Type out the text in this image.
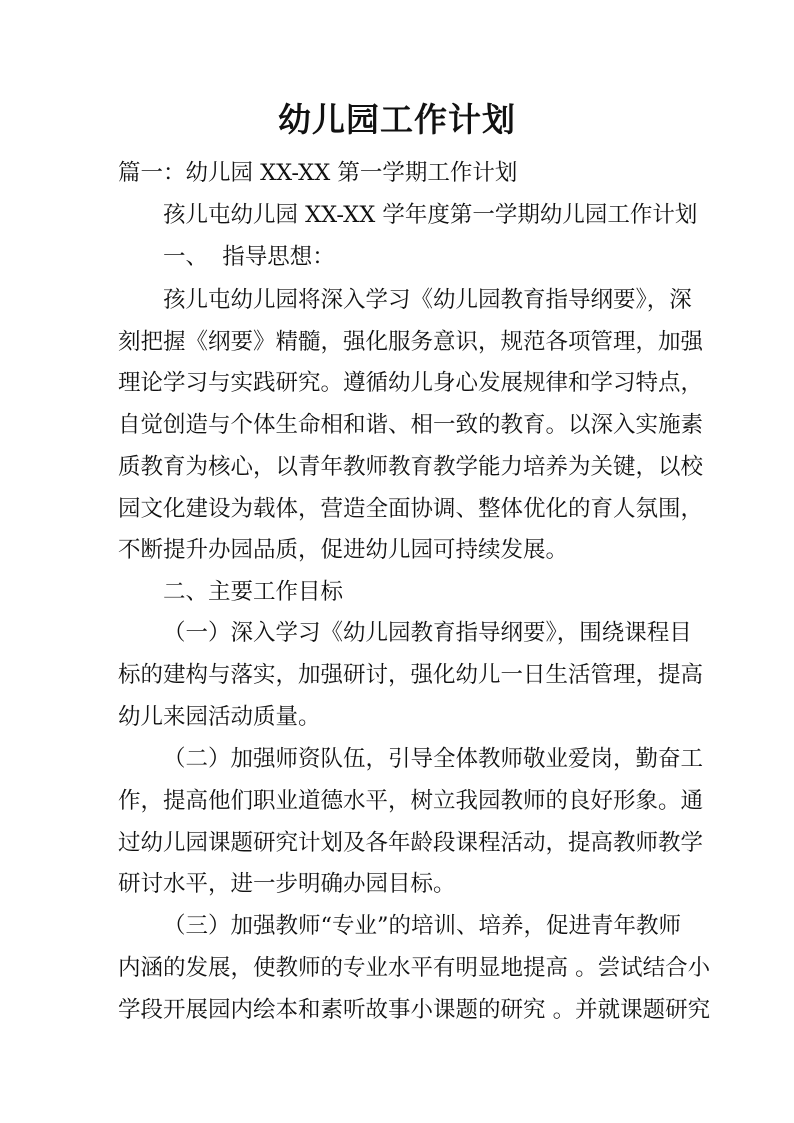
幼儿园工作计划
篇一：幼儿园 XX-XX 第一学期工作计划
孩儿屯幼儿园 XX-XX 学年度第一学期幼儿园工作计划
一、  指导思想：
孩儿屯幼儿园将深入学习《幼儿园教育指导纲要》，深
刻把握《纲要》精髓，强化服务意识，规范各项管理，加强
理论学习与实践研究。遵循幼儿身心发展规律和学习特点，
自觉创造与个体生命相和谐、相一致的教育。以深入实施素
质教育为核心，以青年教师教育教学能力培养为关键，以校
园文化建设为载体，营造全面协调、整体优化的育人氛围，
不断提升办园品质，促进幼儿园可持续发展。
二、主要工作目标
（一）深入学习《幼儿园教育指导纲要》，围绕课程目
标的建构与落实，加强研讨，强化幼儿一日生活管理，提高
幼儿来园活动质量。
（二）加强师资队伍，引导全体教师敬业爱岗，勤奋工
作，提高他们职业道德水平，树立我园教师的良好形象。通
过幼儿园课题研究计划及各年龄段课程活动，提高教师教学
研讨水平，进一步明确办园目标。
（三）加强教师“专业”的培训、培养，促进青年教师
内涵的发展，使教师的专业水平有明显地提高 。尝试结合小
学段开展园内绘本和素听故事小课题的研究 。并就课题研究
